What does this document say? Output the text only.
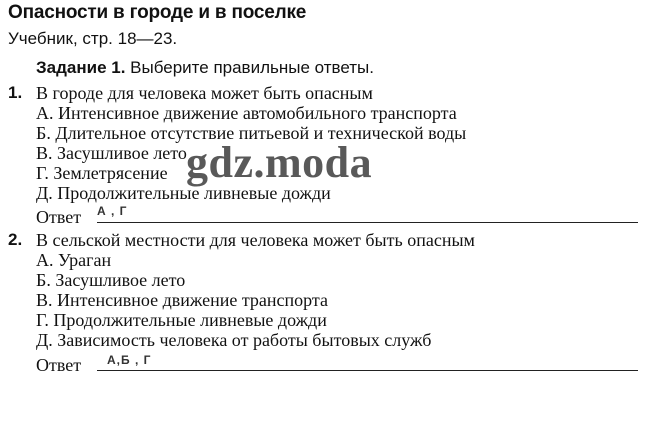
Опасности в городе и в поселке
Учебник, стр. 18—23.
Задание 1. Выберите правильные ответы.
1. В городе для человека может быть опасным
А. Интенсивное движение автомобильного транспорта
Б. Длительное отсутствие питьевой и технической воды
В. Засушливое лето
Г. Землетрясение
Д. Продолжительные ливневые дожди
Ответ А , Г
2. В сельской местности для человека может быть опасным
А. Ураган
Б. Засушливое лето
В. Интенсивное движение транспорта
Г. Продолжительные ливневые дожди
Д. Зависимость человека от работы бытовых служб
Ответ А,Б , Г
gdz.moda
